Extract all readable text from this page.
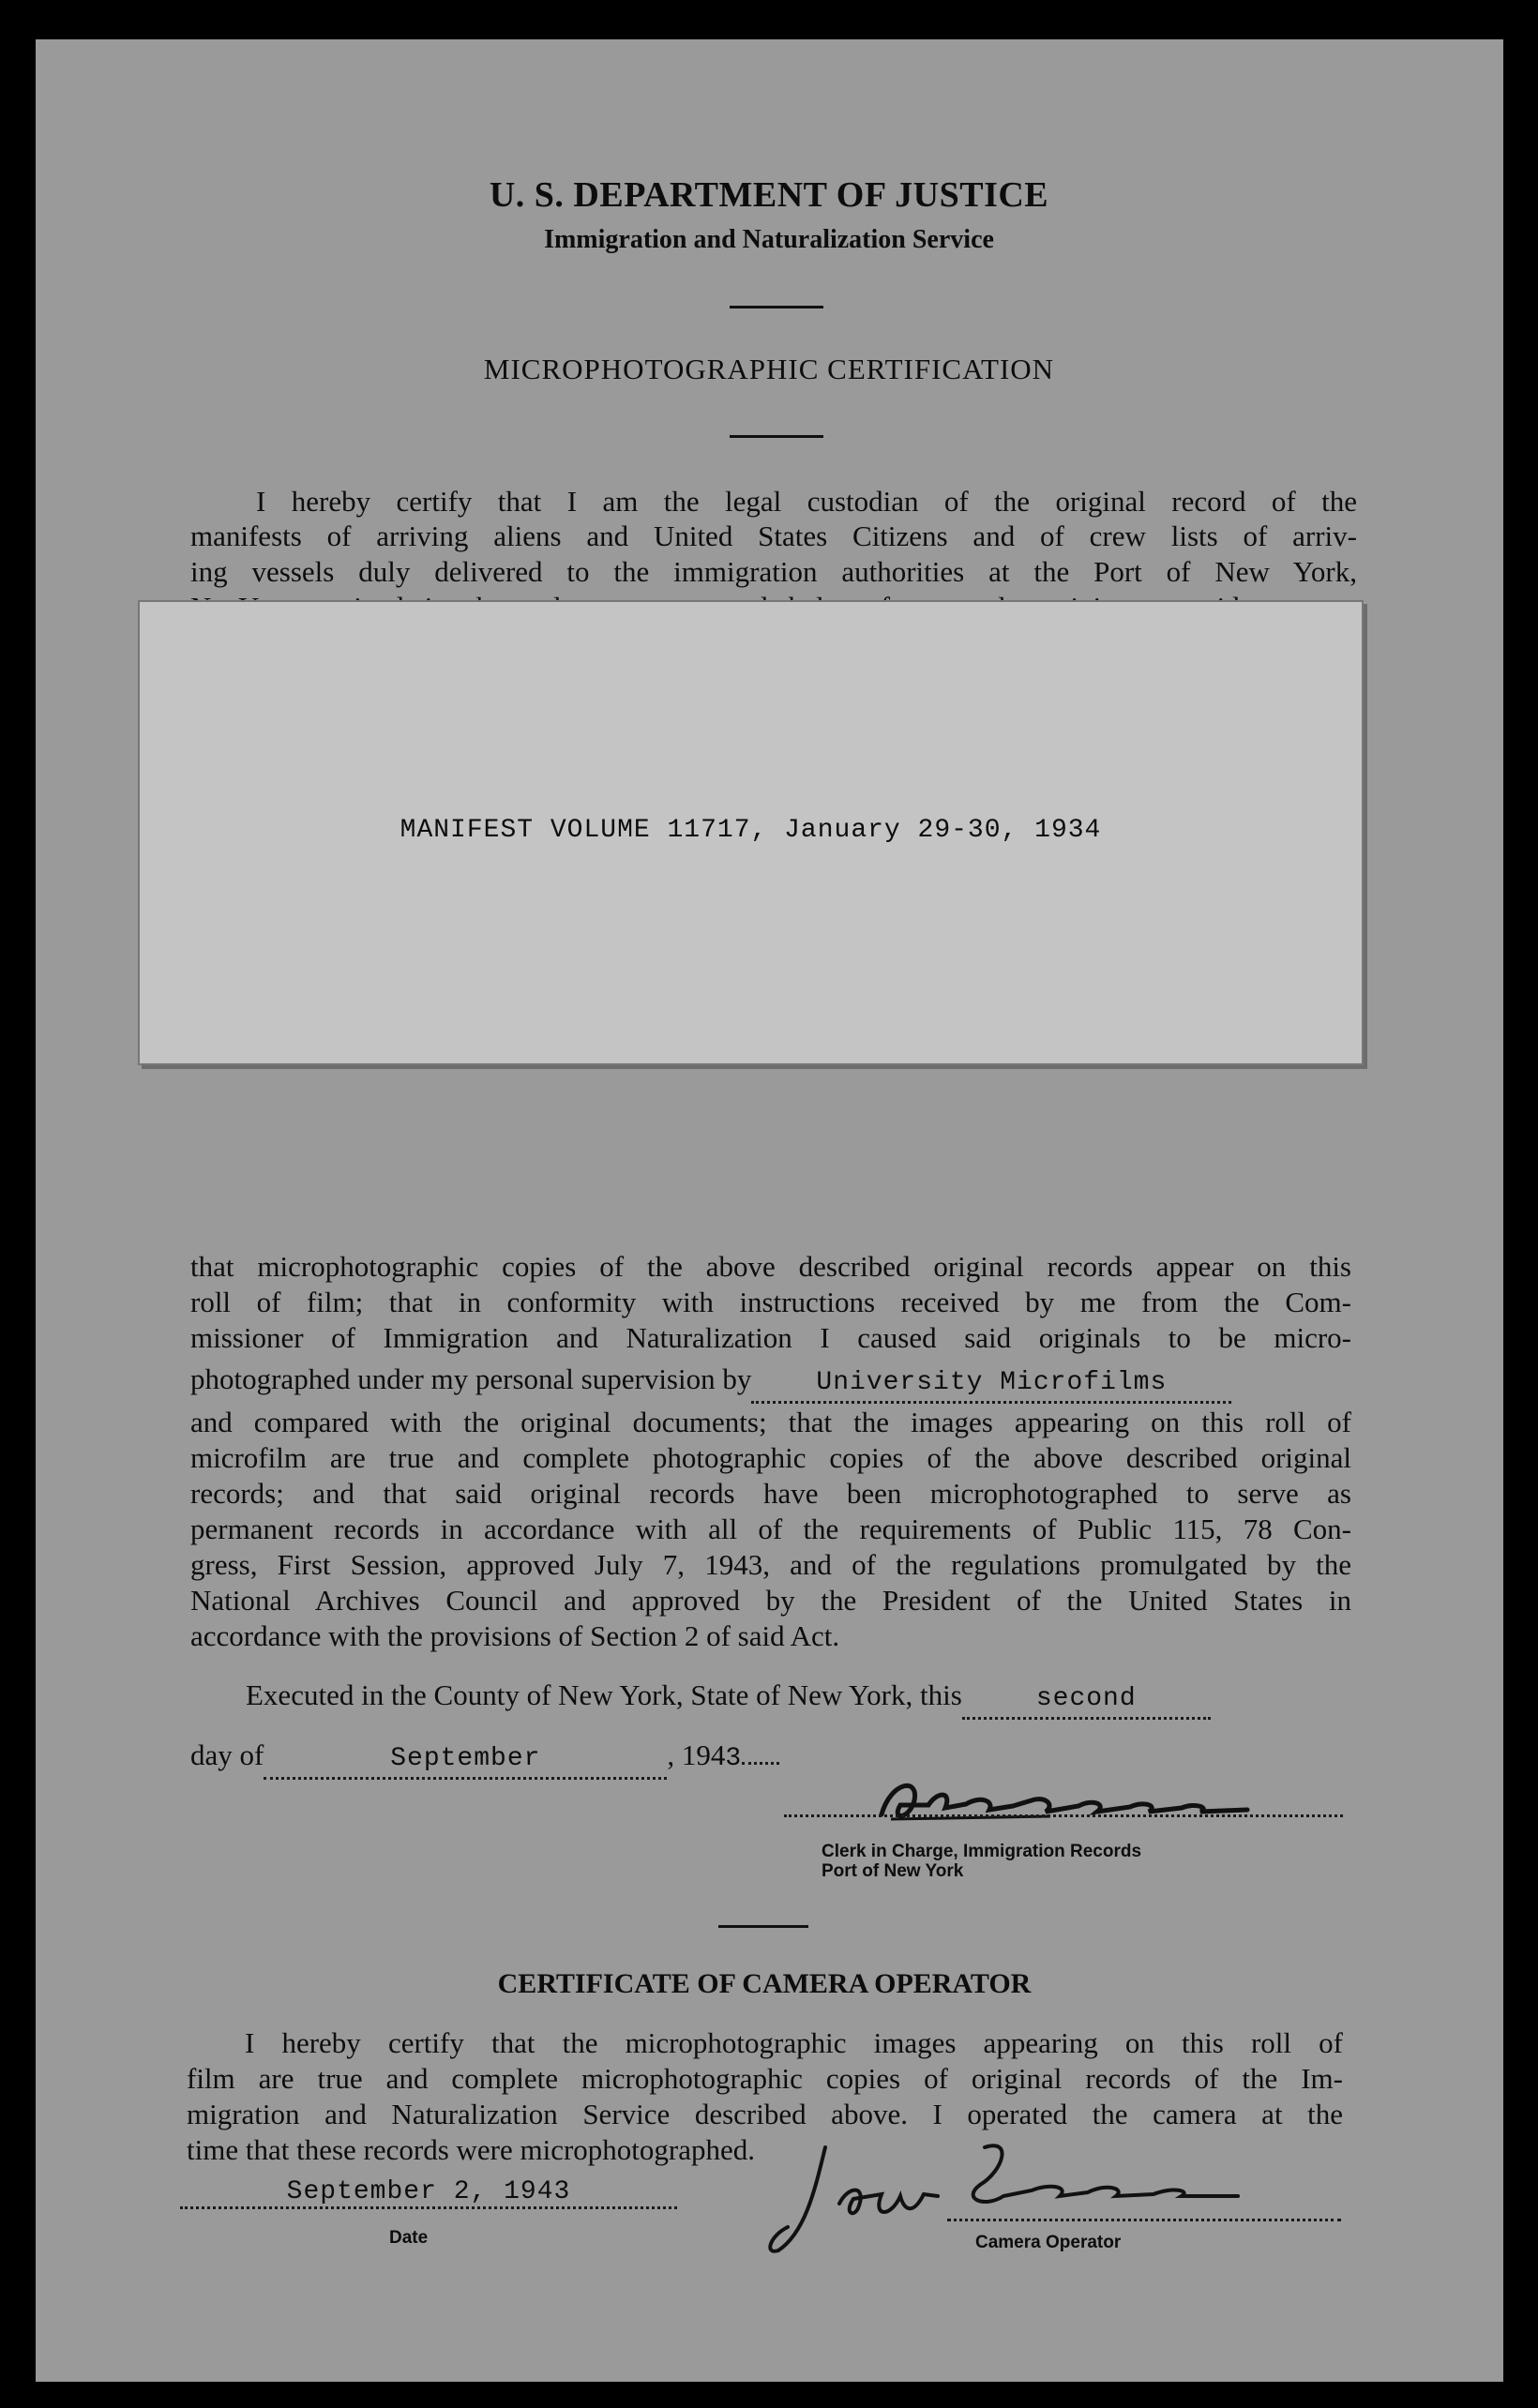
U. S. DEPARTMENT OF JUSTICE
Immigration and Naturalization Service
MICROPHOTOGRAPHIC CERTIFICATION
I hereby certify that I am the legal custodian of the original record of the
manifests of arriving aliens and United States Citizens and of crew lists of arriv-
ing vessels duly delivered to the immigration authorities at the Port of New York,
MANIFEST VOLUME 11717, January 29-30, 1934
that microphotographic copies of the above described original records appear on this
roll of film; that in conformity with instructions received by me from the Com-
missioner of Immigration and Naturalization I caused said originals to be micro-
photographed under my personal supervision by University Microfilms
and compared with the original documents; that the images appearing on this roll of
microfilm are true and complete photographic copies of the above described original
records; and that said original records have been microphotographed to serve as
permanent records in accordance with all of the requirements of Public 115, 78 Con-
gress, First Session, approved July 7, 1943, and of the regulations promulgated by the
National Archives Council and approved by the President of the United States in
accordance with the provisions of Section 2 of said Act.
Executed in the County of New York, State of New York, this	second
day of	September	, 1943
Clerk in Charge, Immigration Records
Port of New York
CERTIFICATE OF CAMERA OPERATOR
I hereby certify that the microphotographic images appearing on this roll of
film are true and complete microphotographic copies of original records of the Im-
migration and Naturalization Service described above. I operated the camera at the
time that these records were microphotographed.
September 2, 1943
Date	Camera Operator
